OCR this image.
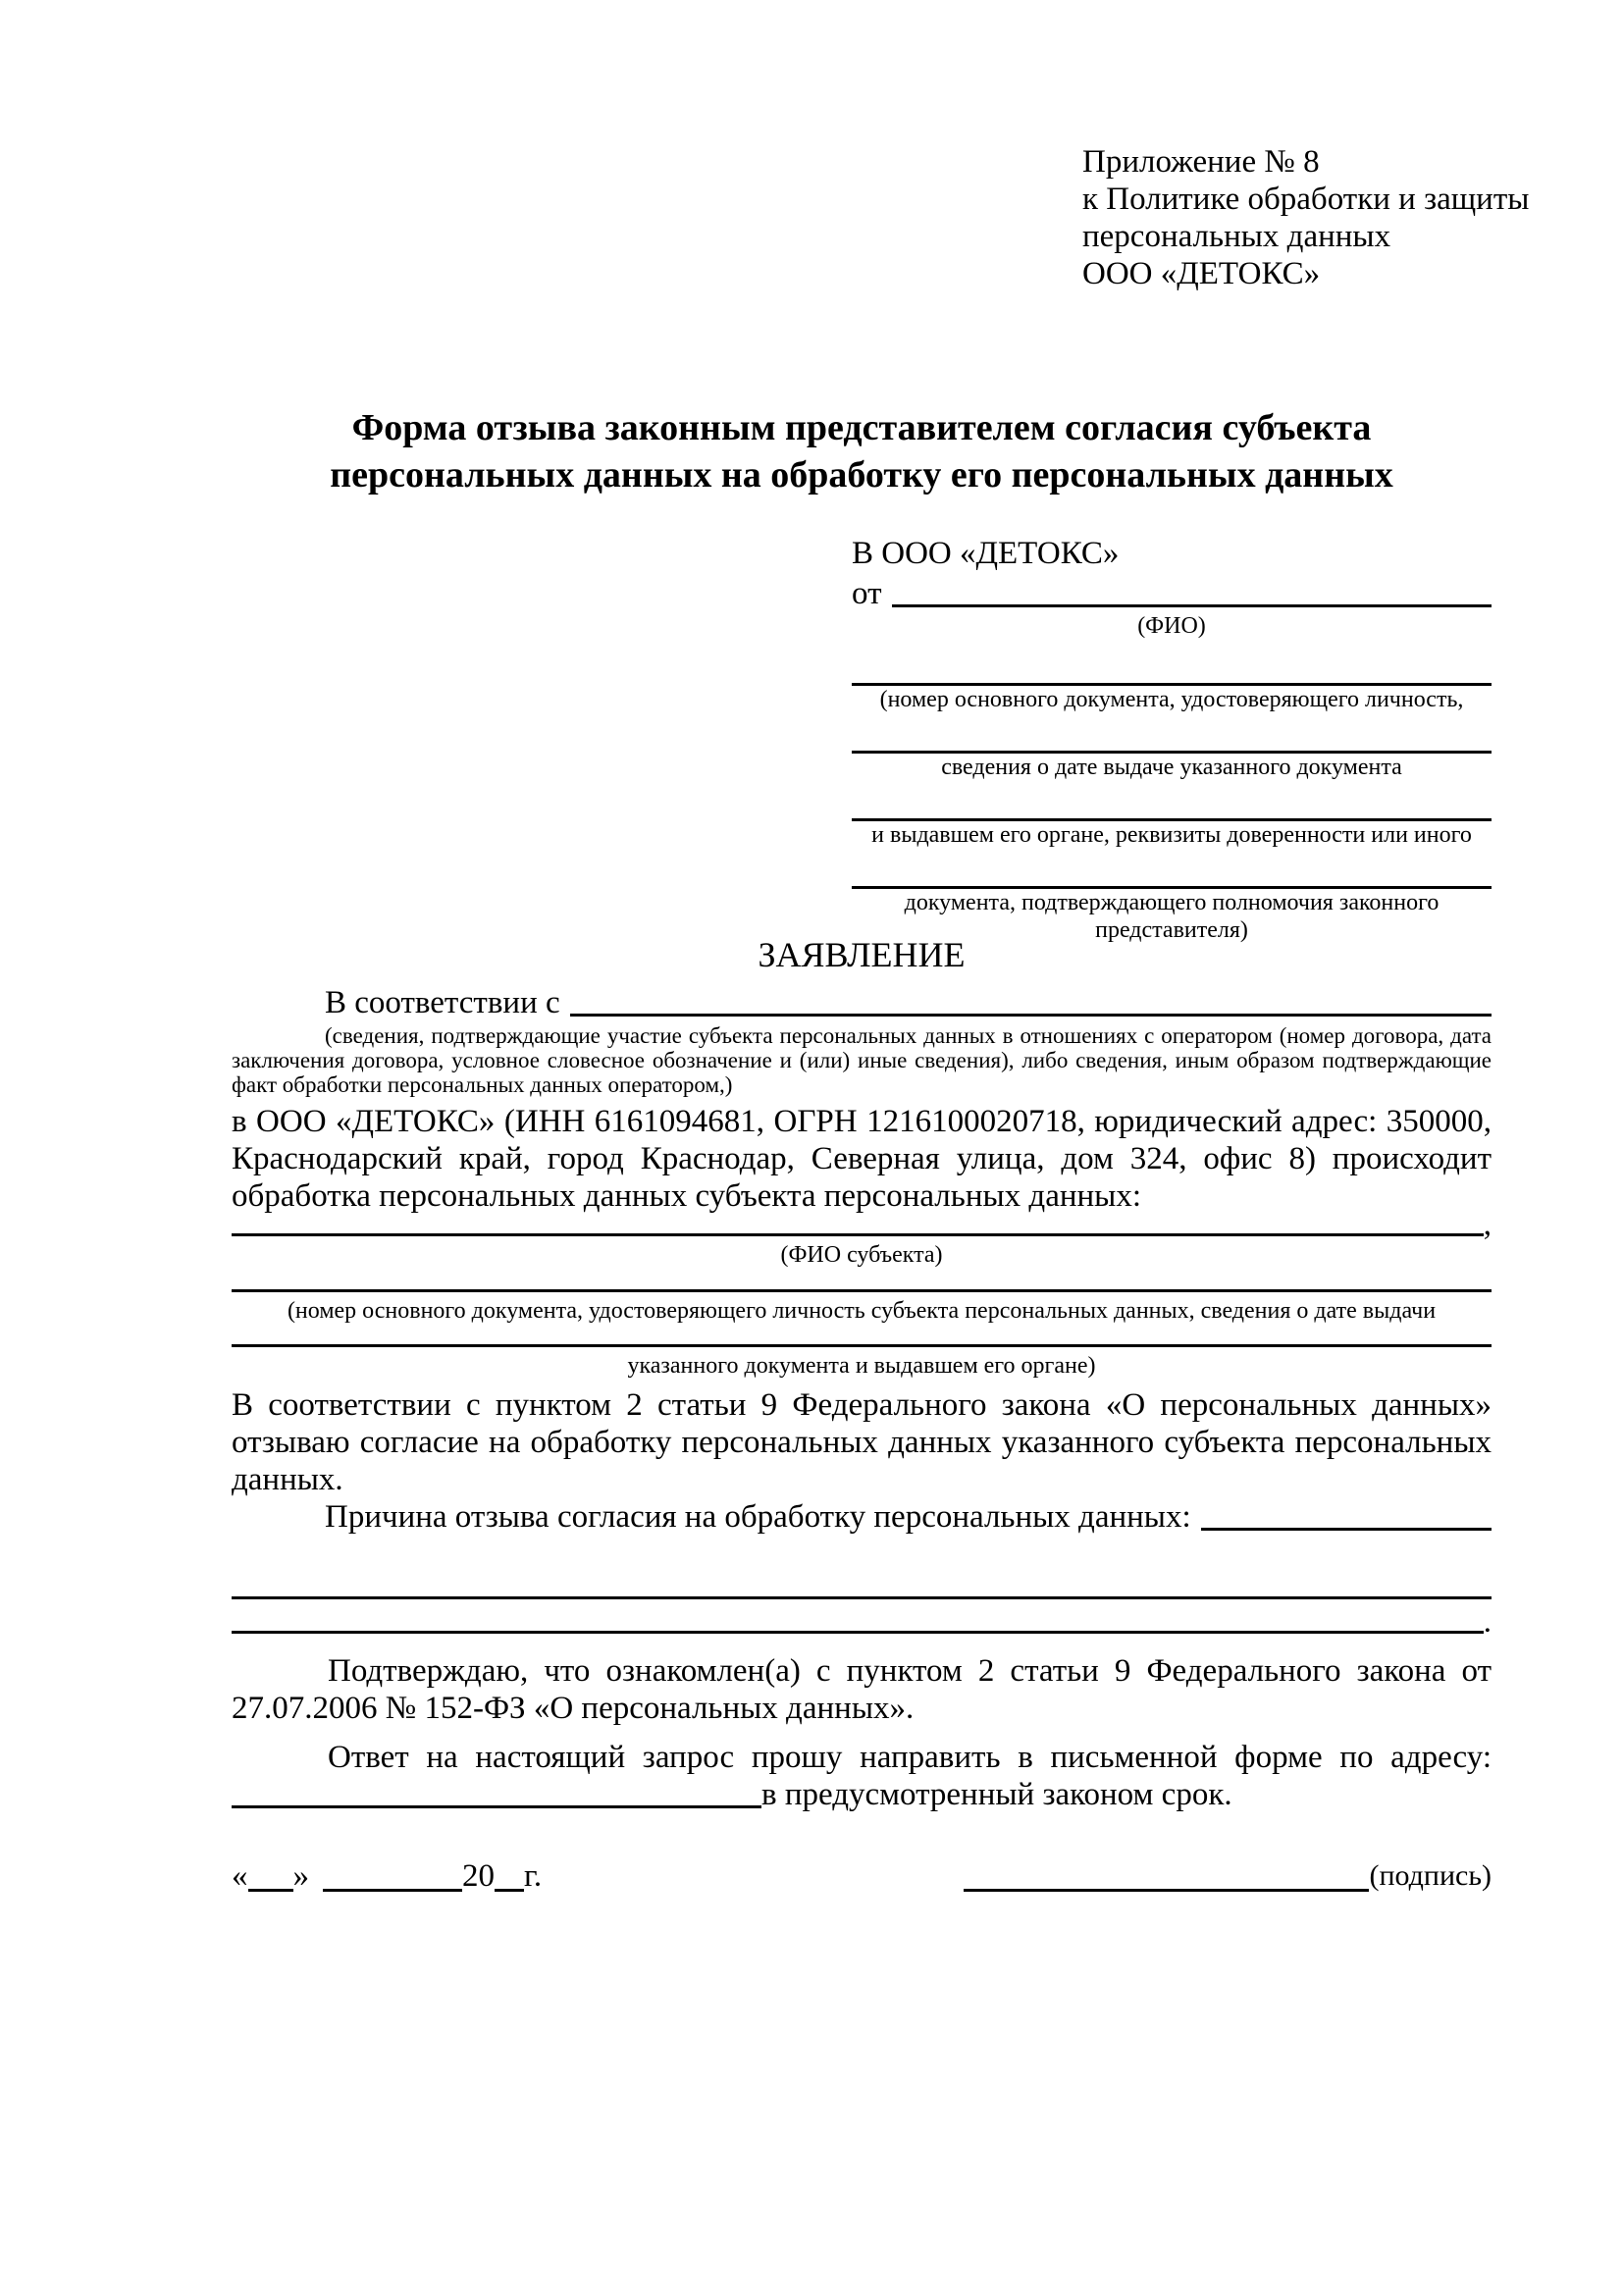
Приложение № 8
к Политике обработки и защиты
персональных данных
ООО «ДЕТОКС»
Форма отзыва законным представителем согласия субъекта
персональных данных на обработку его персональных данных
В ООО «ДЕТОКС»
от
(ФИО)
(номер основного документа, удостоверяющего личность,
сведения о дате выдаче указанного документа
и выдавшем его органе, реквизиты доверенности или иного
документа, подтверждающего полномочия законного представителя)
ЗАЯВЛЕНИЕ
В соответствии с
(сведения, подтверждающие участие субъекта персональных данных в отношениях с оператором (номер договора, дата заключения договора, условное словесное обозначение и (или) иные сведения), либо сведения, иным образом подтверждающие факт обработки персональных данных оператором,)
в ООО «ДЕТОКС» (ИНН 6161094681, ОГРН 1216100020718, юридический адрес: 350000, Краснодарский край, город Краснодар, Северная улица, дом 324, офис 8) происходит обработка персональных данных субъекта персональных данных:
,
(ФИО субъекта)
(номер основного документа, удостоверяющего личность субъекта персональных данных, сведения о дате выдачи
указанного документа и выдавшем его органе)
В соответствии с пунктом 2 статьи 9 Федерального закона «О персональных данных» отзываю согласие на обработку персональных данных указанного субъекта персональных данных.
Причина отзыва согласия на обработку персональных данных:
.
Подтверждаю, что ознакомлен(а) с пунктом 2 статьи 9 Федерального закона от 27.07.2006 № 152-ФЗ «О персональных данных».
Ответ на настоящий запрос прошу направить в письменной форме по адресу:
в предусмотренный законом срок.
« »	20 г.	(подпись)
